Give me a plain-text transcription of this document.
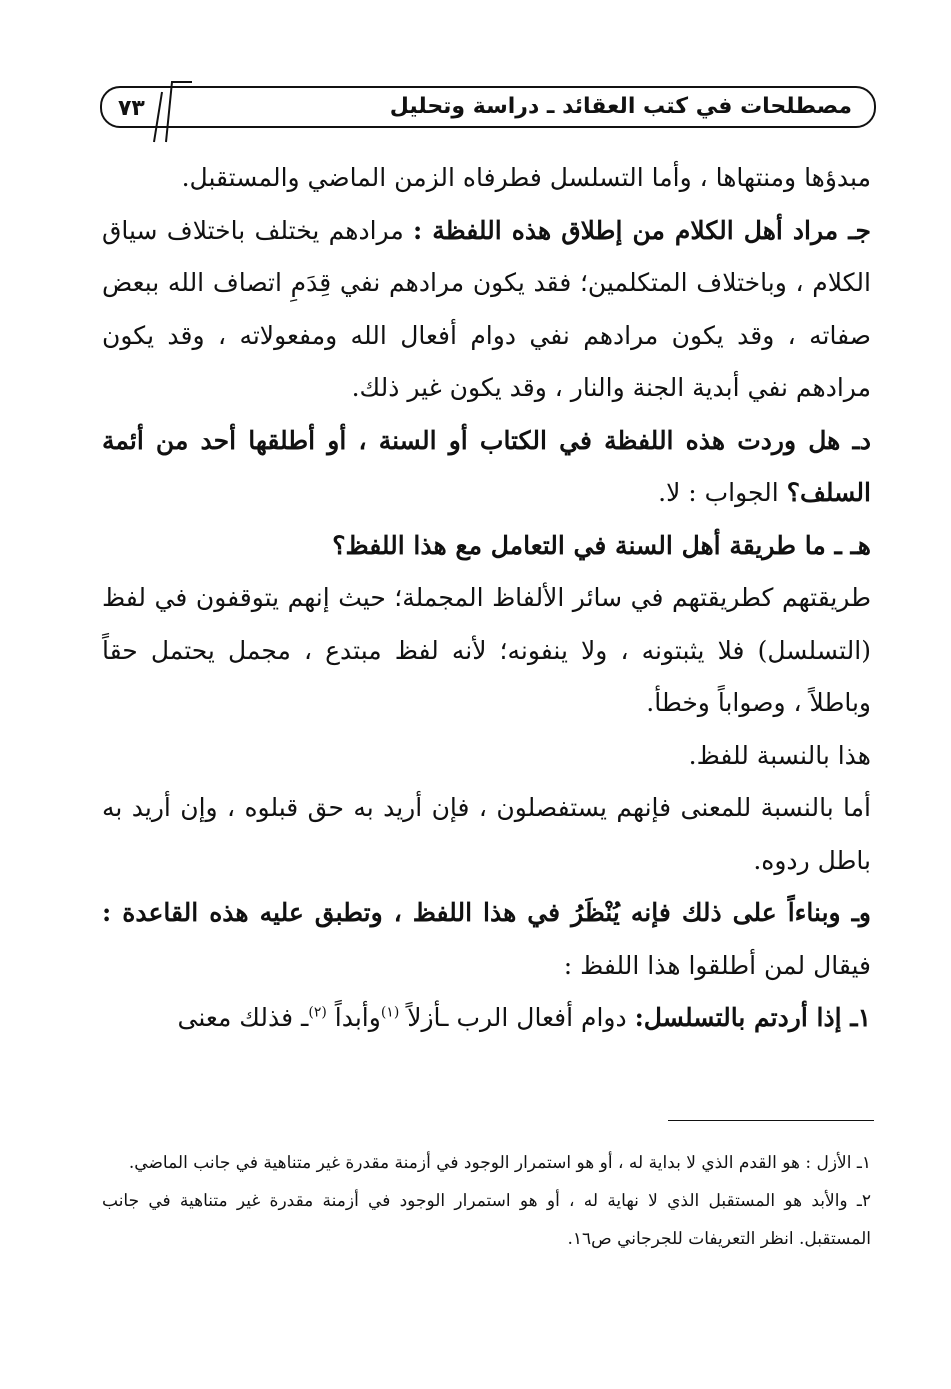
مصطلحات في كتب العقائد ـ دراسة وتحليل
٧٣

مبدؤها ومنتهاها ، وأما التسلسل فطرفاه الزمن الماضي والمستقبل.

جـ مراد أهل الكلام من إطلاق هذه اللفظة : مرادهم يختلف باختلاف سياق الكلام ، وباختلاف المتكلمين؛ فقد يكون مرادهم نفي قِدَمِ اتصاف الله ببعض صفاته ، وقد يكون مرادهم نفي دوام أفعال الله ومفعولاته ، وقد يكون مرادهم نفي أبدية الجنة والنار ، وقد يكون غير ذلك.

دـ هل وردت هذه اللفظة في الكتاب أو السنة ، أو أطلقها أحد من أئمة السلف؟ الجواب : لا.

هـ ـ ما طريقة أهل السنة في التعامل مع هذا اللفظ؟

طريقتهم كطريقتهم في سائر الألفاظ المجملة؛ حيث إنهم يتوقفون في لفظ (التسلسل) فلا يثبتونه ، ولا ينفونه؛ لأنه لفظ مبتدع ، مجمل يحتمل حقاً وباطلاً ، وصواباً وخطأ.

هذا بالنسبة للفظ.

أما بالنسبة للمعنى فإنهم يستفصلون ، فإن أريد به حق قبلوه ، وإن أريد به باطل ردوه.

وـ وبناءاً على ذلك فإنه يُنْظَرُ في هذا اللفظ ، وتطبق عليه هذه القاعدة : فيقال لمن أطلقوا هذا اللفظ :

١ـ إذا أردتم بالتسلسل: دوام أفعال الرب ـأزلاً $^{(١)}$وأبداً $^{(٢)}$ـ فذلك معنى

١ـ الأزل : هو القدم الذي لا بداية له ، أو هو استمرار الوجود في أزمنة مقدرة غير متناهية في جانب الماضي.

٢ـ والأبد هو المستقبل الذي لا نهاية له ، أو هو استمرار الوجود في أزمنة مقدرة غير متناهية في جانب المستقبل. انظر التعريفات للجرجاني ص١٦.
